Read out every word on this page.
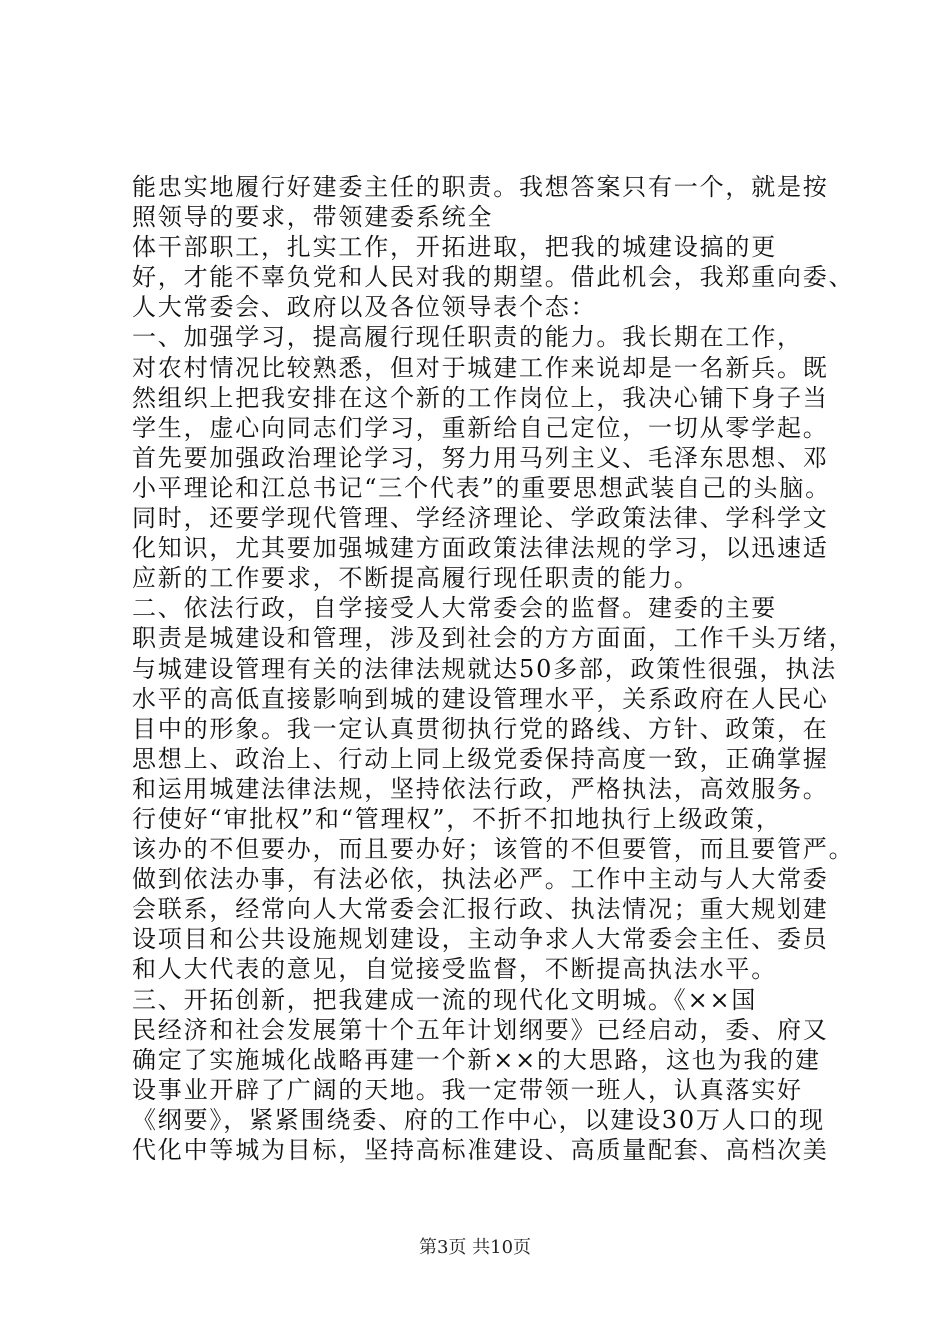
能忠实地履行好建委主任的职责。我想答案只有一个，就是按
照领导的要求，带领建委系统全
体干部职工，扎实工作，开拓进取，把我的城建设搞的更
好，才能不辜负党和人民对我的期望。借此机会，我郑重向委、
人大常委会、政府以及各位领导表个态：
一、加强学习，提高履行现任职责的能力。我长期在工作，
对农村情况比较熟悉，但对于城建工作来说却是一名新兵。既
然组织上把我安排在这个新的工作岗位上，我决心铺下身子当
学生，虚心向同志们学习，重新给自己定位，一切从零学起。
首先要加强政治理论学习，努力用马列主义、毛泽东思想、邓
小平理论和江总书记“三个代表”的重要思想武装自己的头脑。
同时，还要学现代管理、学经济理论、学政策法律、学科学文
化知识，尤其要加强城建方面政策法律法规的学习，以迅速适
应新的工作要求，不断提高履行现任职责的能力。
二、依法行政，自学接受人大常委会的监督。建委的主要
职责是城建设和管理，涉及到社会的方方面面，工作千头万绪，
与城建设管理有关的法律法规就达50多部，政策性很强，执法
水平的高低直接影响到城的建设管理水平，关系政府在人民心
目中的形象。我一定认真贯彻执行党的路线、方针、政策，在
思想上、政治上、行动上同上级党委保持高度一致，正确掌握
和运用城建法律法规，坚持依法行政，严格执法，高效服务。
行使好“审批权”和“管理权”，不折不扣地执行上级政策，
该办的不但要办，而且要办好；该管的不但要管，而且要管严。
做到依法办事，有法必依，执法必严。工作中主动与人大常委
会联系，经常向人大常委会汇报行政、执法情况；重大规划建
设项目和公共设施规划建设，主动争求人大常委会主任、委员
和人大代表的意见，自觉接受监督，不断提高执法水平。
三、开拓创新，把我建成一流的现代化文明城。《××国
民经济和社会发展第十个五年计划纲要》已经启动，委、府又
确定了实施城化战略再建一个新××的大思路，这也为我的建
设事业开辟了广阔的天地。我一定带领一班人，认真落实好
《纲要》，紧紧围绕委、府的工作中心，以建设30万人口的现
代化中等城为目标，坚持高标准建设、高质量配套、高档次美
第3页 共10页
